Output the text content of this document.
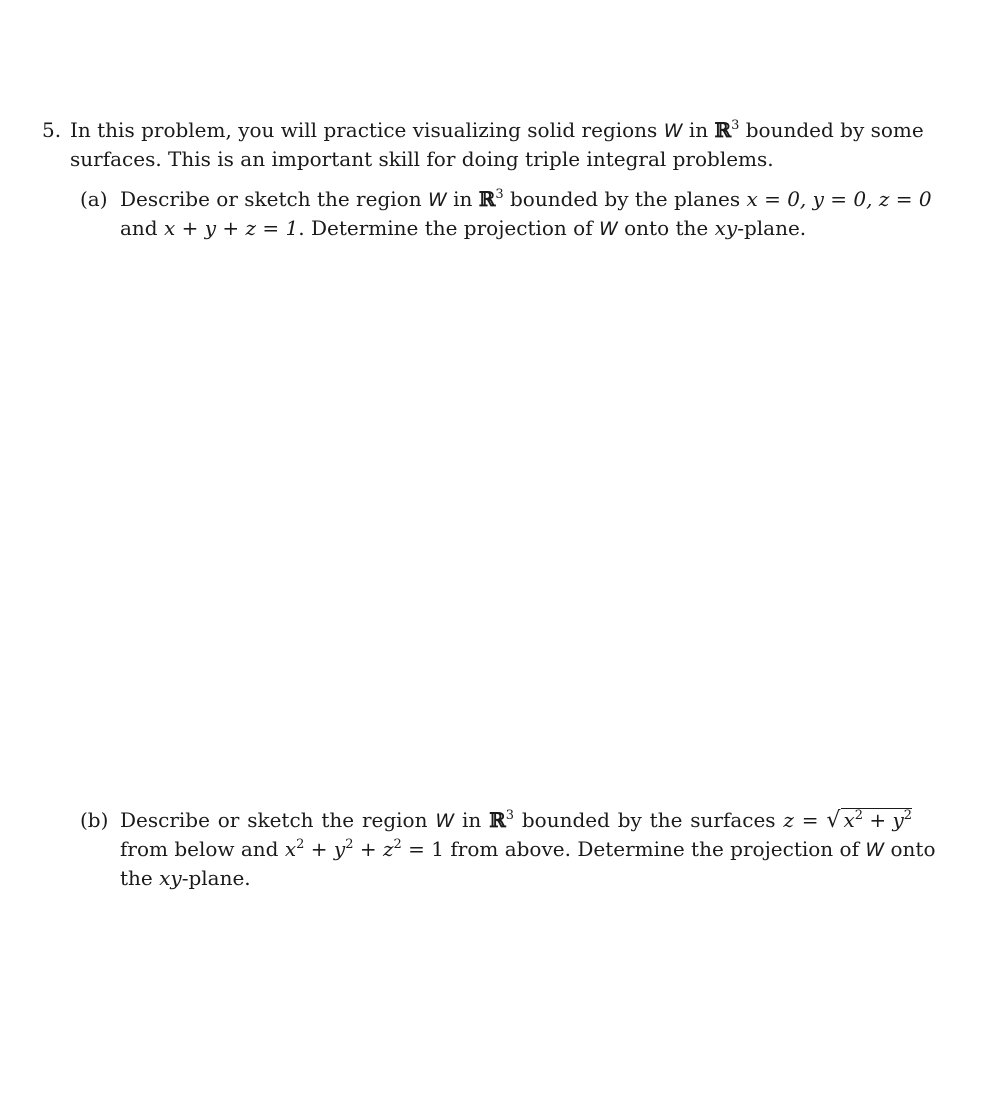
5. In this problem, you will practice visualizing solid regions W in ℝ$^3$ bounded by some
surfaces. This is an important skill for doing triple integral problems.
(a) Describe or sketch the region W in ℝ$^3$ bounded by the planes x = 0, y = 0, z = 0
and x + y + z = 1. Determine the projection of W onto the xy-plane.
(b) Describe or sketch the region W in ℝ$^3$ bounded by the surfaces z = √ $x^2 + y^2$
from below and $x^2 + y^2 + z^2 = 1$ from above. Determine the projection of W onto
the xy-plane.
